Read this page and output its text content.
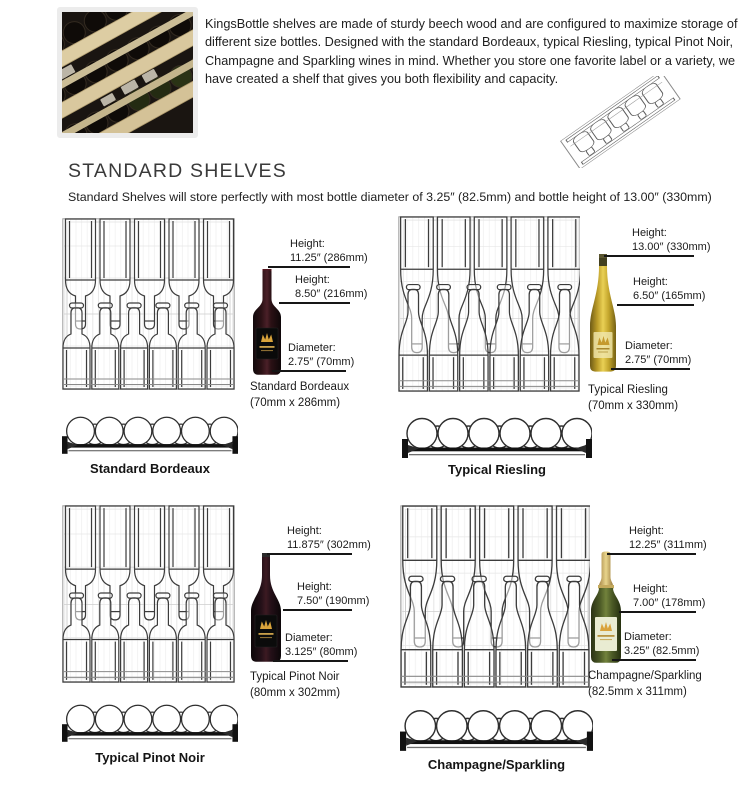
KingsBottle shelves are made of sturdy beech wood and are configured to maximize storage of different size bottles. Designed with the standard Bordeaux, typical Riesling, typical Pinot Noir, Champagne and Sparkling wines in mind. Whether you store one favorite label or a variety, we have created a shelf that gives you both flexibility and capacity.

STANDARD SHELVES
Standard Shelves will store perfectly with most bottle diameter of 3.25″ (82.5mm) and bottle height of 13.00″ (330mm)
Height:
11.25″ (286mm)
Height:
8.50″ (216mm)
Diameter:
2.75″ (70mm)
Standard Bordeaux
(70mm x 286mm)
Standard Bordeaux
Height:
13.00″ (330mm)
Height:
6.50″ (165mm)
Diameter:
2.75″ (70mm)
Typical Riesling
(70mm x 330mm)
Typical Riesling
Height:
11.875″ (302mm)
Height:
7.50″ (190mm)
Diameter:
3.125″ (80mm)
Typical Pinot Noir
(80mm x 302mm)
Typical Pinot Noir
Height:
12.25″ (311mm)
Height:
7.00″ (178mm)
Diameter:
3.25″ (82.5mm)
Champagne/Sparkling
(82.5mm x 311mm)
Champagne/Sparkling
